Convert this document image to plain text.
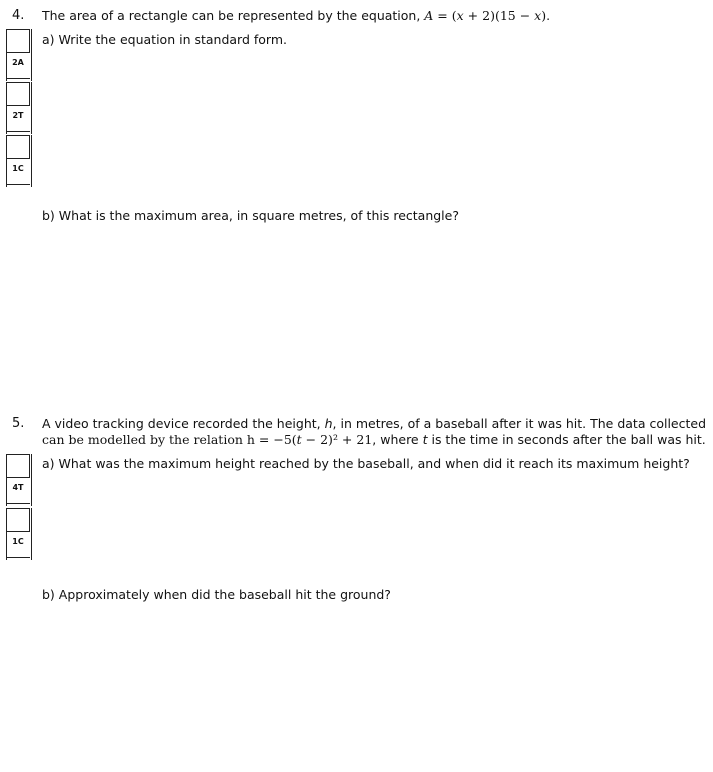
4. The area of a rectangle can be represented by the equation, A = (x + 2)(15 − x).
a) Write the equation in standard form.
2A
2T
1C
b) What is the maximum area, in square metres, of this rectangle?
5. A video tracking device recorded the height, h, in metres, of a baseball after it was hit. The data collected
can be modelled by the relation h = −5(t − 2)² + 21, where t is the time in seconds after the ball was hit.
a) What was the maximum height reached by the baseball, and when did it reach its maximum height?
4T
1C
b) Approximately when did the baseball hit the ground?
